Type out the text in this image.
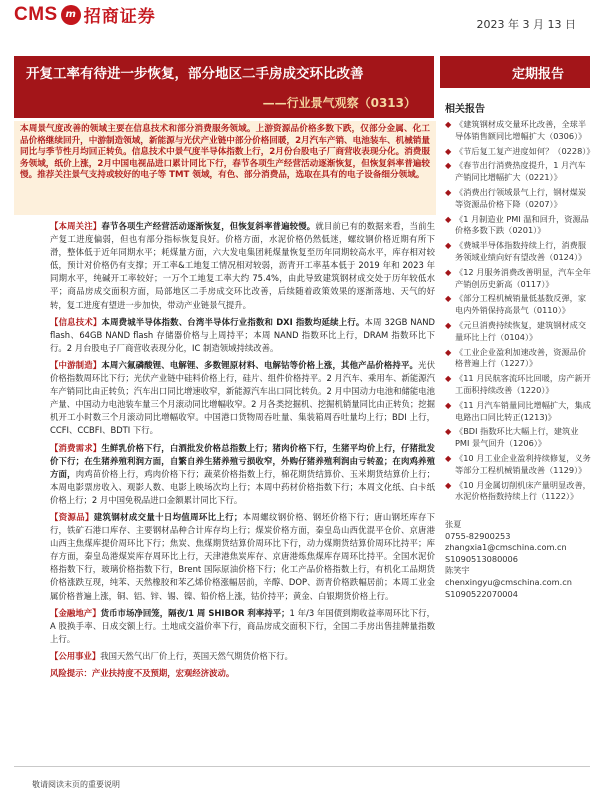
CMS m 招商证券	2023 年 3 月 13 日
开复工率有待进一步恢复，部分地区二手房成交环比改善
——行业景气观察（0313）
定期报告
本周景气度改善的领域主要在信息技术和部分消费服务领域。上游资源品价格多数下跌，仅部分金属、化工品价格继续回升，中游制造领域，新能源与光伏产业链中部分价格回暖，2月汽车产销、电池装车、机械销量同比与季节性月均回正转负。信息技术中景气度半导体指数上行，2月份台股电子厂商营收表现分化。消费服务领域，纸价上涨，2月中国电视品进口累计同比下行，春节各项生产经营活动逐渐恢复，但恢复斜率普遍较慢。推荐关注景气支持或较好的电子等 TMT 领域，有色、部分消费品，选取在具有的电子设备细分领域。

【本周关注】春节各项生产经营活动逐渐恢复，但恢复斜率普遍较慢。就目前已有的数据来看，当前生产复工进度偏弱，但也有部分指标恢复良好。价格方面，水泥价格仍然低迷，螺纹钢价格近期有所下滑，整体低于近年同期水平；耗煤量方面，六大发电集团耗煤量恢复至历年同期较高水平，库存相对较低，预计对价格仍有支撑；开工率&工地复工情况相对较弱，沥青开工率基本低于 2019 年和 2023 年同期水平，纯碱开工率较好；一万个工地复工率大约 75.4%，由此导致建筑钢材成交处于历年较低水平；商品房成交面积方面，局部地区二手房成交环比改善，后续随着政策效果的逐渐落地、天气的好转，复工进度有望进一步加快，带动产业链景气提升。

【信息技术】本周费城半导体指数、台湾半导体行业指数和 DXI 指数均延续上行。本周 32GB NAND flash、64GB NAND flash 存储器价格与上周持平；本周 NAND 指数环比上行，DRAM 指数环比下行。2 月台股电子厂商营收表现分化，IC 制造领域持续改善。

【中游制造】本周六氟磷酸锂、电解锂、多数锂原材料、电解钴等价格上涨，其他产品价格持平。光伏价格指数周环比下行；光伏产业链中硅料价格上行，硅片、组件价格持平。2 月汽车、乘用车、新能源汽车产销同比由正转负；汽车出口同比增速收窄，新能源汽车出口同比转负。2 月中国动力电池和储能电池产量、中国动力电池装车量三个月滚动同比增幅收窄。2 月各类挖掘机、挖掘机销量同比由正转负；挖掘机开工小时数三个月滚动同比增幅收窄。中国港口货物周吞吐量、集装箱周吞吐量均上行；BDI 上行，CCFI、CCBFI、BDTI 下行。

【消费需求】生鲜乳价格下行，白酒批发价格总指数上行；猪肉价格下行，生猪平均价上行，仔猪批发价下行；在生猪养殖利润方面，自繁自养生猪养殖亏损收窄，外购仔猪养殖利润由亏转盈；在肉鸡养殖方面，肉鸡苗价格上行，鸡肉价格下行；蔬菜价格指数上行，棉花期货结算价、玉米期货结算价上行；本周电影票房收入、观影人数、电影上映场次均上行；本周中药材价格指数下行；本周文化纸、白卡纸价格上行；2 月中国免税品进口金额累计同比下行。

【资源品】建筑钢材成交量十日均值周环比上行；本周螺纹钢价格、钢坯价格下行；唐山钢坯库存下行，铁矿石港口库存、主要钢材品种合计库存均上行；煤炭价格方面，秦皇岛山西优混平仓价、京唐港山西主焦煤库提价周环比下行；焦炭、焦煤期货结算价周环比下行，动力煤期货结算价周环比持平；库存方面，秦皇岛港煤炭库存周环比上行，天津港焦炭库存、京唐港炼焦煤库存周环比持平。全国水泥价格指数下行，玻璃价格指数下行，Brent 国际原油价格下行；化工产品价格指数上行，有机化工品期货价格涨跌互现，纯苯、天然橡胶和苯乙烯价格涨幅居前，辛醇、DOP、沥青价格跌幅居前；本周工业金属价格普遍上涨，铜、铝、锌、锡、镍、铅价格上涨，钴价持平；黄金、白银期货价格上行。

【金融地产】货币市场净回笼，隔夜/1 周 SHIBOR 利率持平；1 年/3 年国债到期收益率周环比下行，A 股换手率、日成交额上行。土地成交溢价率下行，商品房成交面积下行，全国二手房出售挂牌量指数上行。

【公用事业】我国天然气出厂价上行，英国天然气期货价格下行。

风险提示：产业扶持度不及预期，宏观经济波动。

相关报告
◆ 《建筑钢材成交量环比改善，全球半导体销售额同比增幅扩大（0306）》
◆ 《节后复工复产进度如何？（0228）》
◆ 《春节出行消费热度提升，1 月汽车产销同比增幅扩大（0221）》
◆ 《消费出行领域景气上行，钢材煤炭等资源品价格下降（0207）》
◆ 《1 月制造业 PMI 温和回升，资源品价格多数下跌（0201）》
◆ 《费城半导体指数持续上行，消费服务领域业绩向好有望改善（0124）》
◆ 《12 月服务消费改善明显，汽车全年产销创历史新高（0117）》
◆ 《部分工程机械销量低基数反弹，家电内外销保持高景气（0110）》
◆ 《元旦消费持续恢复，建筑钢材成交量环比上行（0104）》
◆ 《工业企业盈利加速改善，资源品价格普遍上行（1227）》
◆ 《11 月民航客流环比回暖，房产新开工面积持续改善（1220）》
◆ 《11 月汽车销量同比增幅扩大，集成电路出口同比转正(1213)》
◆ 《BDI 指数环比大幅上行，建筑业 PMI 景气回升（1206）》
◆ 《10 月工业企业盈利持续修复，义务等部分工程机械销量改善（1129）》
◆ 《10 月金属切削机床产量明显改善，水泥价格指数持续上行（1122）》
张夏
0755-82900253
zhangxia1@cmschina.com.cn
S1090513080006
陈笑宇
chenxingyu@cmschina.com.cn
S1090522070004
敬请阅读末页的重要说明
